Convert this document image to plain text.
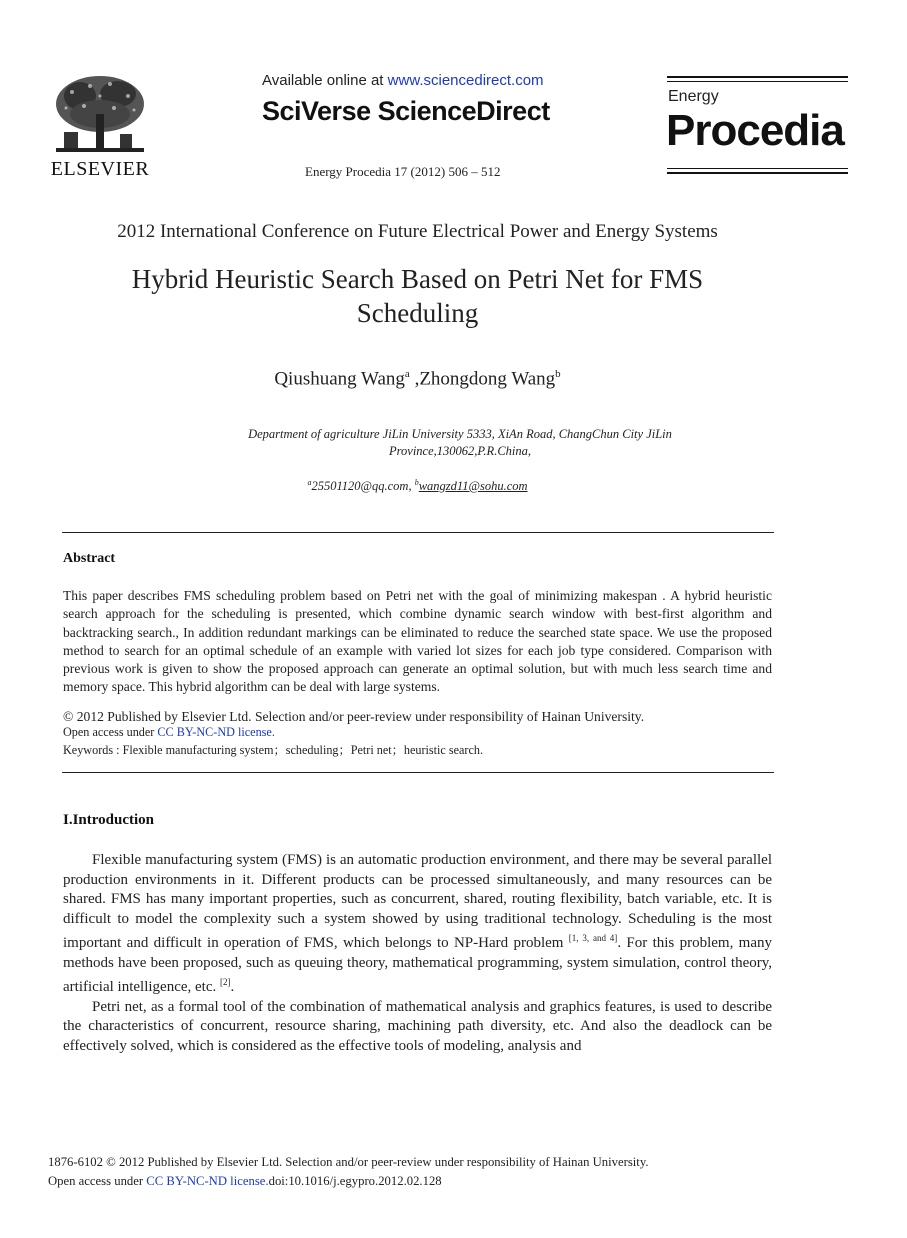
ELSEVIER
Available online at www.sciencedirect.com
SciVerse ScienceDirect
Energy Procedia 17 (2012) 506 – 512
Energy
Procedia
2012 International Conference on Future Electrical Power and Energy Systems
Hybrid Heuristic Search Based on Petri Net for FMS Scheduling
Qiushuang Wang$^a$ ,Zhongdong Wang$^b$
Department of agriculture JiLin University 5333, XiAn Road, ChangChun City JiLin
Province,130062,P.R.China,
$^a$25501120@qq.com, $^b$wangzd11@sohu.com
Abstract
This paper describes FMS scheduling problem based on Petri net with the goal of minimizing makespan . A hybrid heuristic search approach for the scheduling is presented, which combine dynamic search window with best-first algorithm and backtracking search., In addition redundant markings can be eliminated to reduce the searched state space. We use the proposed method to search for an optimal schedule of an example with varied lot sizes for each job type considered. Comparison with previous work is given to show the proposed approach can generate an optimal solution, but with much less search time and memory space. This hybrid algorithm can be deal with large systems.
© 2012 Published by Elsevier Ltd. Selection and/or peer-review under responsibility of Hainan University.
Open access under CC BY-NC-ND license.
Keywords : Flexible manufacturing system；scheduling；Petri net；heuristic search.
I.Introduction

Flexible manufacturing system (FMS) is an automatic production environment, and there may be several parallel production environments in it. Different products can be processed simultaneously, and many resources can be shared. FMS has many important properties, such as concurrent, shared, routing flexibility, batch variable, etc. It is difficult to model the complexity such a system showed by using traditional technology. Scheduling is the most important and difficult in operation of FMS, which belongs to NP-Hard problem [1, 3, and 4]. For this problem, many methods have been proposed, such as queuing theory, mathematical programming, system simulation, control theory, artificial intelligence, etc. [2].

Petri net, as a formal tool of the combination of mathematical analysis and graphics features, is used to describe the characteristics of concurrent, resource sharing, machining path diversity, etc. And also the deadlock can be effectively solved, which is considered as the effective tools of modeling, analysis and

1876-6102 © 2012 Published by Elsevier Ltd. Selection and/or peer-review under responsibility of Hainan University.
Open access under CC BY-NC-ND license.doi:10.1016/j.egypro.2012.02.128
